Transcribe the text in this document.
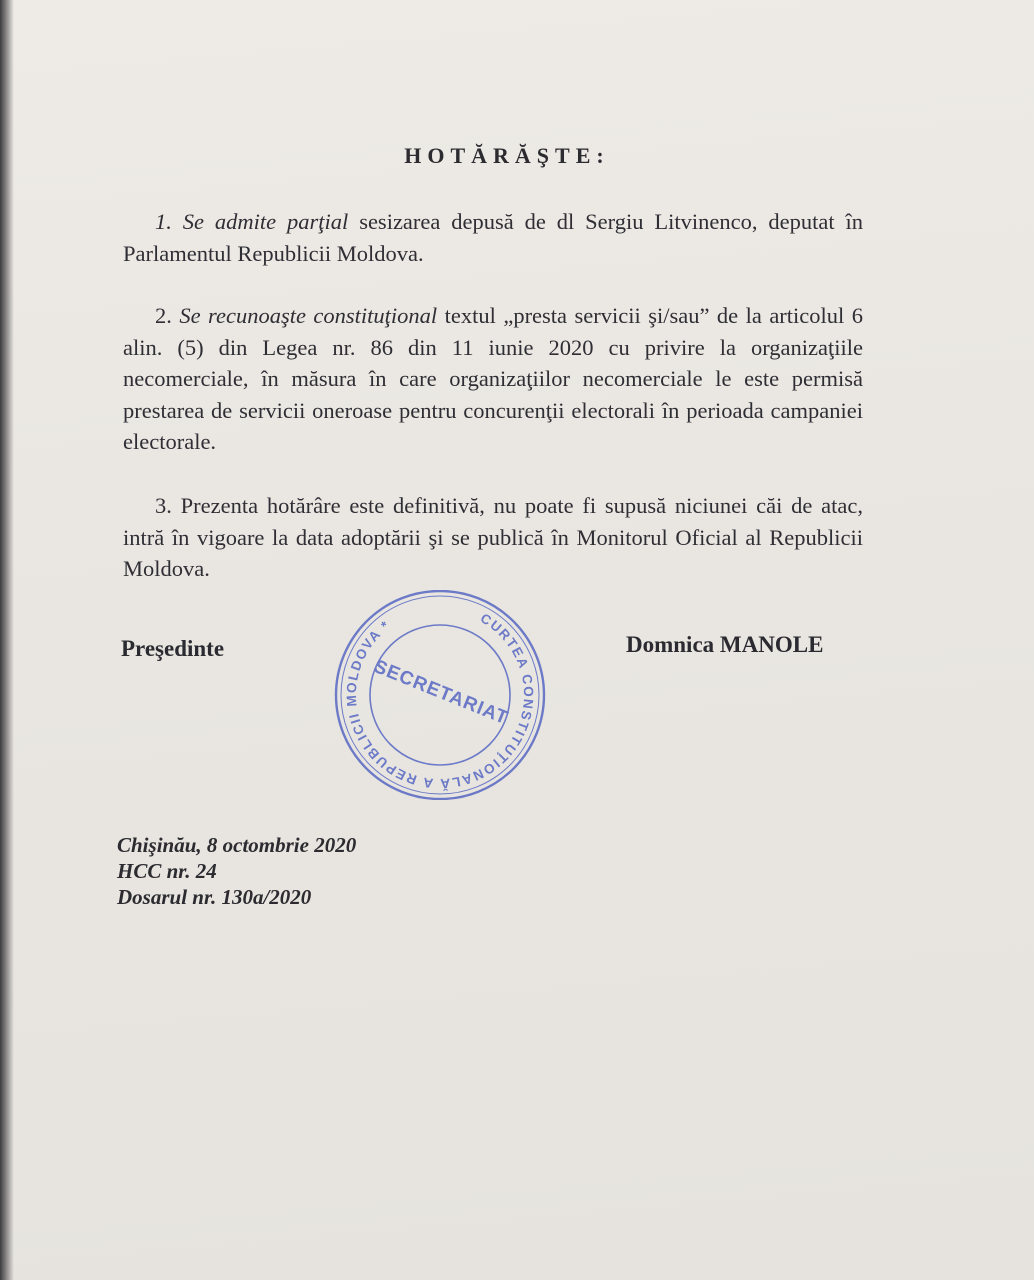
HOTĂRĂŞTE:

1. Se admite parţial sesizarea depusă de dl Sergiu Litvinenco, deputat în Parlamentul Republicii Moldova.

2. Se recunoaşte constituţional textul „presta servicii şi/sau” de la articolul 6 alin. (5) din Legea nr. 86 din 11 iunie 2020 cu privire la organizaţiile necomerciale, în măsura în care organizaţiilor necomerciale le este permisă prestarea de servicii oneroase pentru concurenţii electorali în perioada campaniei electorale.

3. Prezenta hotărâre este definitivă, nu poate fi supusă niciunei căi de atac, intră în vigoare la data adoptării şi se publică în Monitorul Oficial al Republicii Moldova.

Preşedinte	Domnica MANOLE
CURTEA CONSTITUŢIONALĂ A REPUBLICII MOLDOVA *
SECRETARIAT
Chişinău, 8 octombrie 2020
HCC nr. 24
Dosarul nr. 130a/2020
